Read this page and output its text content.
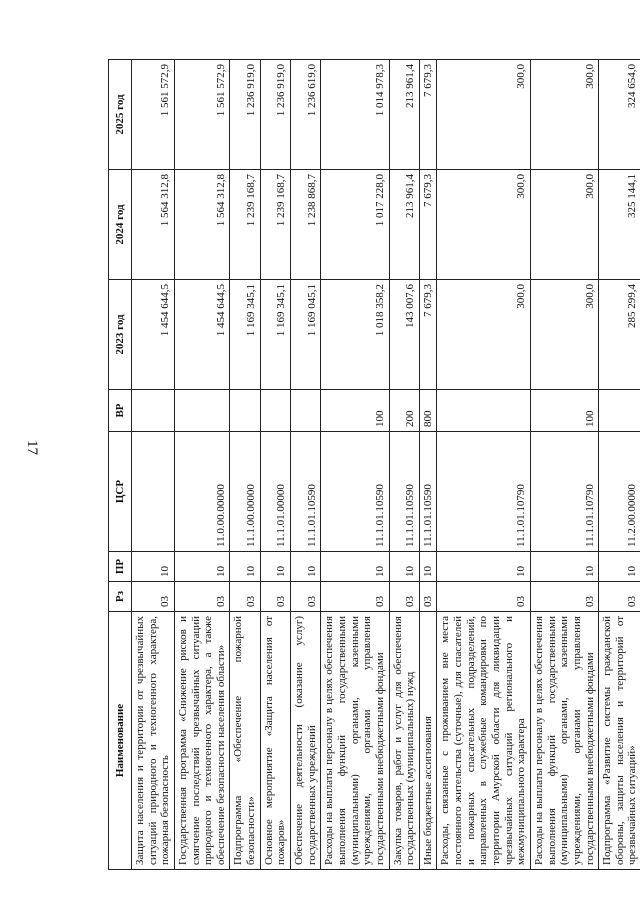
17
Наименование	Рз	ПР	ЦСР	ВР	2023 год	2024 год	2025 год
Защита населения и территории от чрезвычайных ситуаций природного и техногенного характера, пожарная безопасность	03	10			1 454 644,5	1 564 312,8	1 561 572,9
Государственная программа «Снижение рисков и смягчение последствий чрезвычайных ситуаций природного и техногенного характера, а также обеспечение безопасности населения области»	03	10	11.0.00.00000		1 454 644,5	1 564 312,8	1 561 572,9
Подпрограмма «Обеспечение пожарной безопасности»	03	10	11.1.00.00000		1 169 345,1	1 239 168,7	1 236 919,0
Основное мероприятие «Защита населения от пожаров»	03	10	11.1.01.00000		1 169 345,1	1 239 168,7	1 236 919,0
Обеспечение деятельности (оказание услуг) государственных учреждений	03	10	11.1.01.10590		1 169 045,1	1 238 868,7	1 236 619,0
Расходы на выплаты персоналу в целях обеспечения выполнения функций государственными (муниципальными) органами, казенными учреждениями, органами управления государственными внебюджетными фондами	03	10	11.1.01.10590	100	1 018 358,2	1 017 228,0	1 014 978,3
Закупка товаров, работ и услуг для обеспечения государственных (муниципальных) нужд	03	10	11.1.01.10590	200	143 007,6	213 961,4	213 961,4
Иные бюджетные ассигнования	03	10	11.1.01.10590	800	7 679,3	7 679,3	7 679,3
Расходы, связанные с проживанием вне места постоянного жительства (суточные), для спасателей и пожарных спасательных подразделений, направленных в служебные командировки по территории Амурской области для ликвидации чрезвычайных ситуаций регионального и межмуниципального характера	03	10	11.1.01.10790		300,0	300,0	300,0
Расходы на выплаты персоналу в целях обеспечения выполнения функций государственными (муниципальными) органами, казенными учреждениями, органами управления государственными внебюджетными фондами	03	10	11.1.01.10790	100	300,0	300,0	300,0
Подпрограмма «Развитие системы гражданской обороны, защиты населения и территорий от чрезвычайных ситуаций»	03	10	11.2.00.00000		285 299,4	325 144,1	324 654,0
